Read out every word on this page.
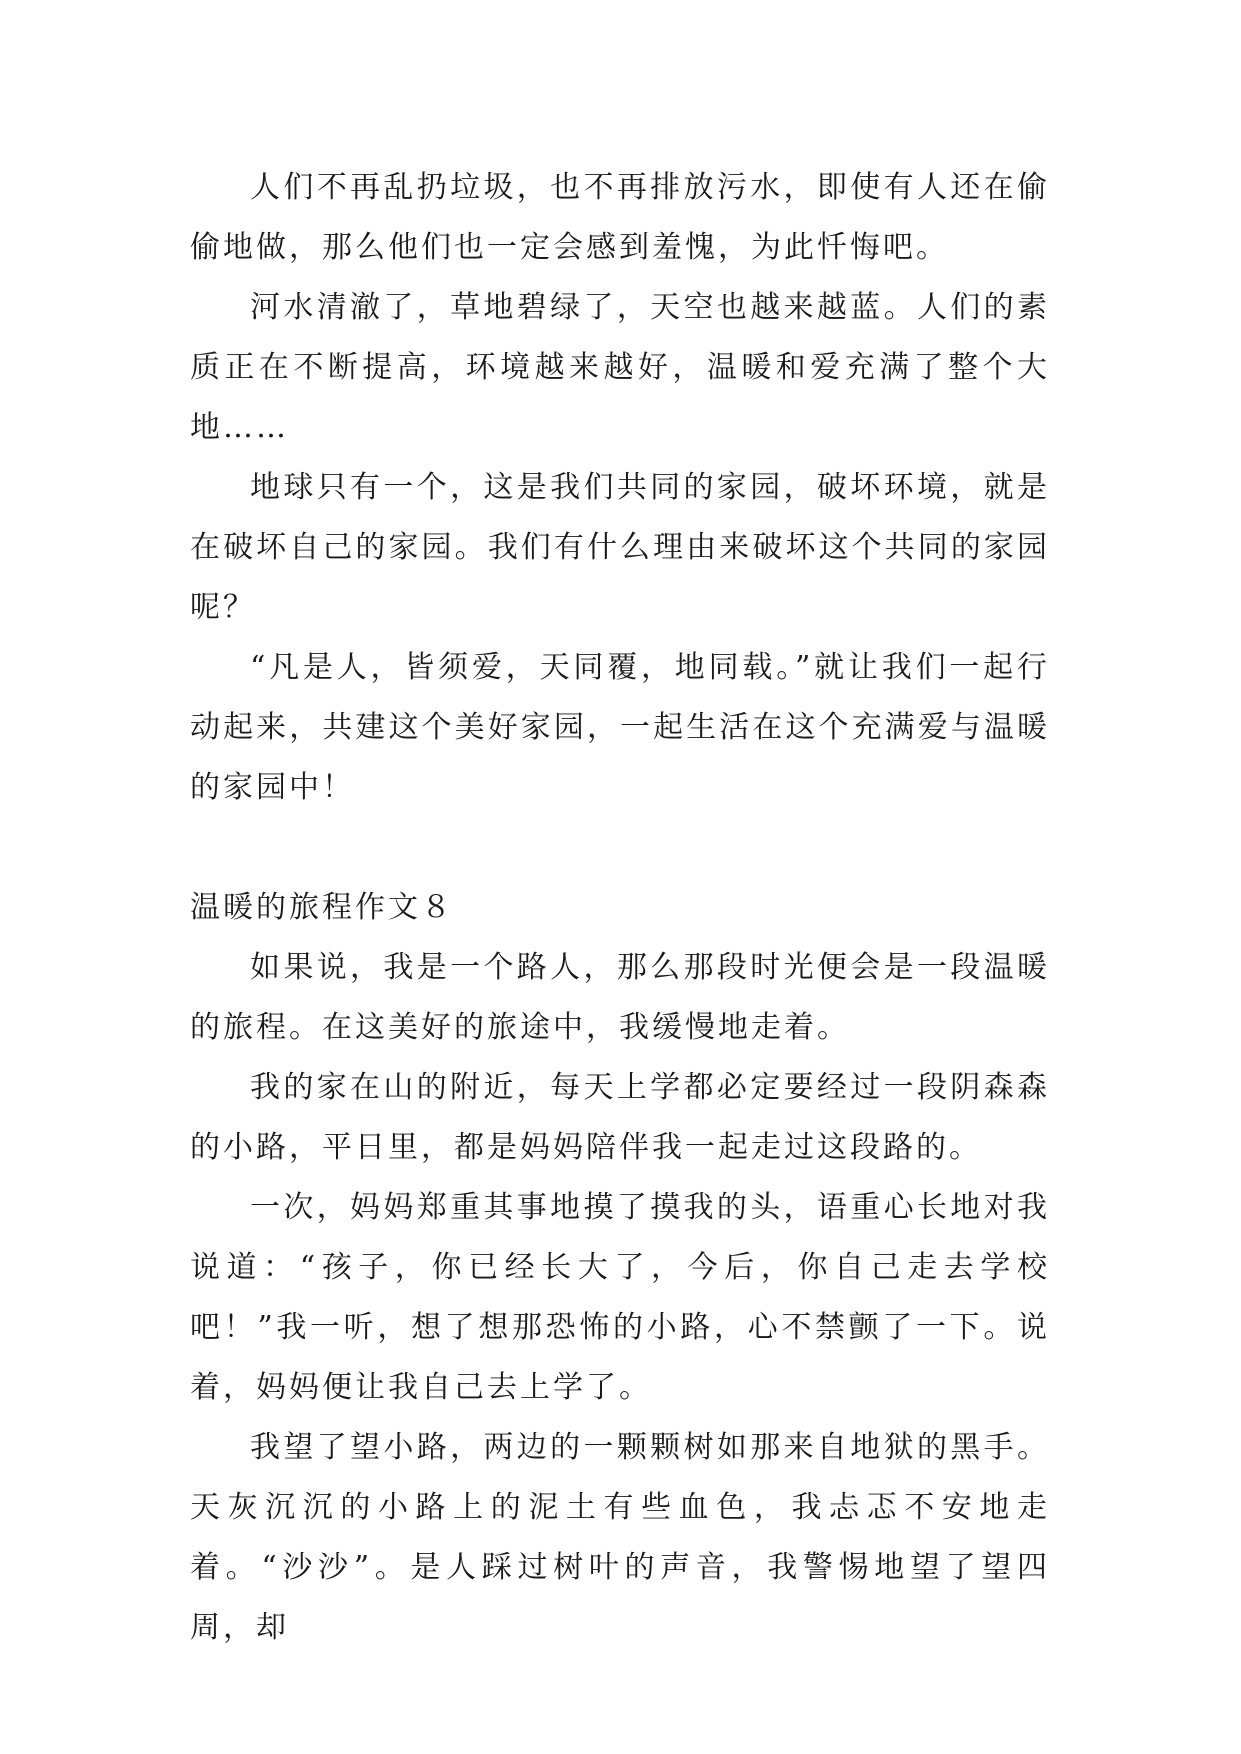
人们不再乱扔垃圾，也不再排放污水，即使有人还在偷偷地做，那么他们也一定会感到羞愧，为此忏悔吧。

河水清澈了，草地碧绿了，天空也越来越蓝。人们的素质正在不断提高，环境越来越好，温暖和爱充满了整个大地……

地球只有一个，这是我们共同的家园，破坏环境，就是在破坏自己的家园。我们有什么理由来破坏这个共同的家园呢？

“凡是人，皆须爱，天同覆，地同载。”就让我们一起行动起来，共建这个美好家园，一起生活在这个充满爱与温暖的家园中！

温暖的旅程作文８

如果说，我是一个路人，那么那段时光便会是一段温暖的旅程。在这美好的旅途中，我缓慢地走着。

我的家在山的附近，每天上学都必定要经过一段阴森森的小路，平日里，都是妈妈陪伴我一起走过这段路的。

一次，妈妈郑重其事地摸了摸我的头，语重心长地对我说道：“孩子，你已经长大了，今后，你自己走去学校吧！”我一听，想了想那恐怖的小路，心不禁颤了一下。说着，妈妈便让我自己去上学了。

我望了望小路，两边的一颗颗树如那来自地狱的黑手。天灰沉沉的小路上的泥土有些血色，我忐忑不安地走着。“沙沙”。是人踩过树叶的声音，我警惕地望了望四周，却
